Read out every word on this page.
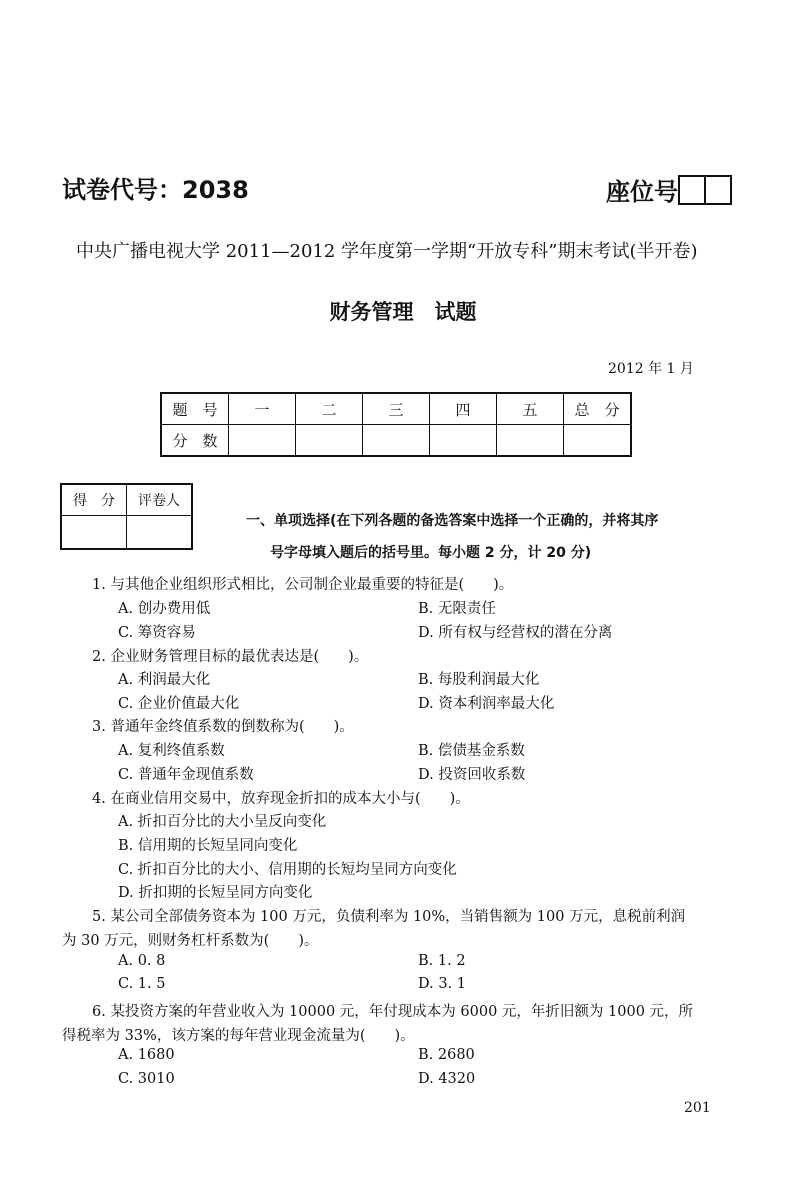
试卷代号：2038	座位号
中央广播电视大学 2011—2012 学年度第一学期“开放专科”期末考试(半开卷)
财务管理　试题
2012 年 1 月
题　号	一	二	三	四	五	总　分
分　数						
得　分	评卷人

一、单项选择(在下列各题的备选答案中选择一个正确的，并将其序
号字母填入题后的括号里。每小题 2 分，计 20 分)
1. 与其他企业组织形式相比，公司制企业最重要的特征是(　　)。
A. 创办费用低	B. 无限责任
C. 筹资容易	D. 所有权与经营权的潜在分离
2. 企业财务管理目标的最优表达是(　　)。
A. 利润最大化	B. 每股利润最大化
C. 企业价值最大化	D. 资本利润率最大化
3. 普通年金终值系数的倒数称为(　　)。
A. 复利终值系数	B. 偿债基金系数
C. 普通年金现值系数	D. 投资回收系数
4. 在商业信用交易中，放弃现金折扣的成本大小与(　　)。
A. 折扣百分比的大小呈反向变化
B. 信用期的长短呈同向变化
C. 折扣百分比的大小、信用期的长短均呈同方向变化
D. 折扣期的长短呈同方向变化
5. 某公司全部债务资本为 100 万元，负债利率为 10%，当销售额为 100 万元，息税前利润
为 30 万元，则财务杠杆系数为(　　)。
A. 0. 8	B. 1. 2
C. 1. 5	D. 3. 1
6. 某投资方案的年营业收入为 10000 元，年付现成本为 6000 元，年折旧额为 1000 元，所
得税率为 33%，该方案的每年营业现金流量为(　　)。
A. 1680	B. 2680
C. 3010	D. 4320
201
